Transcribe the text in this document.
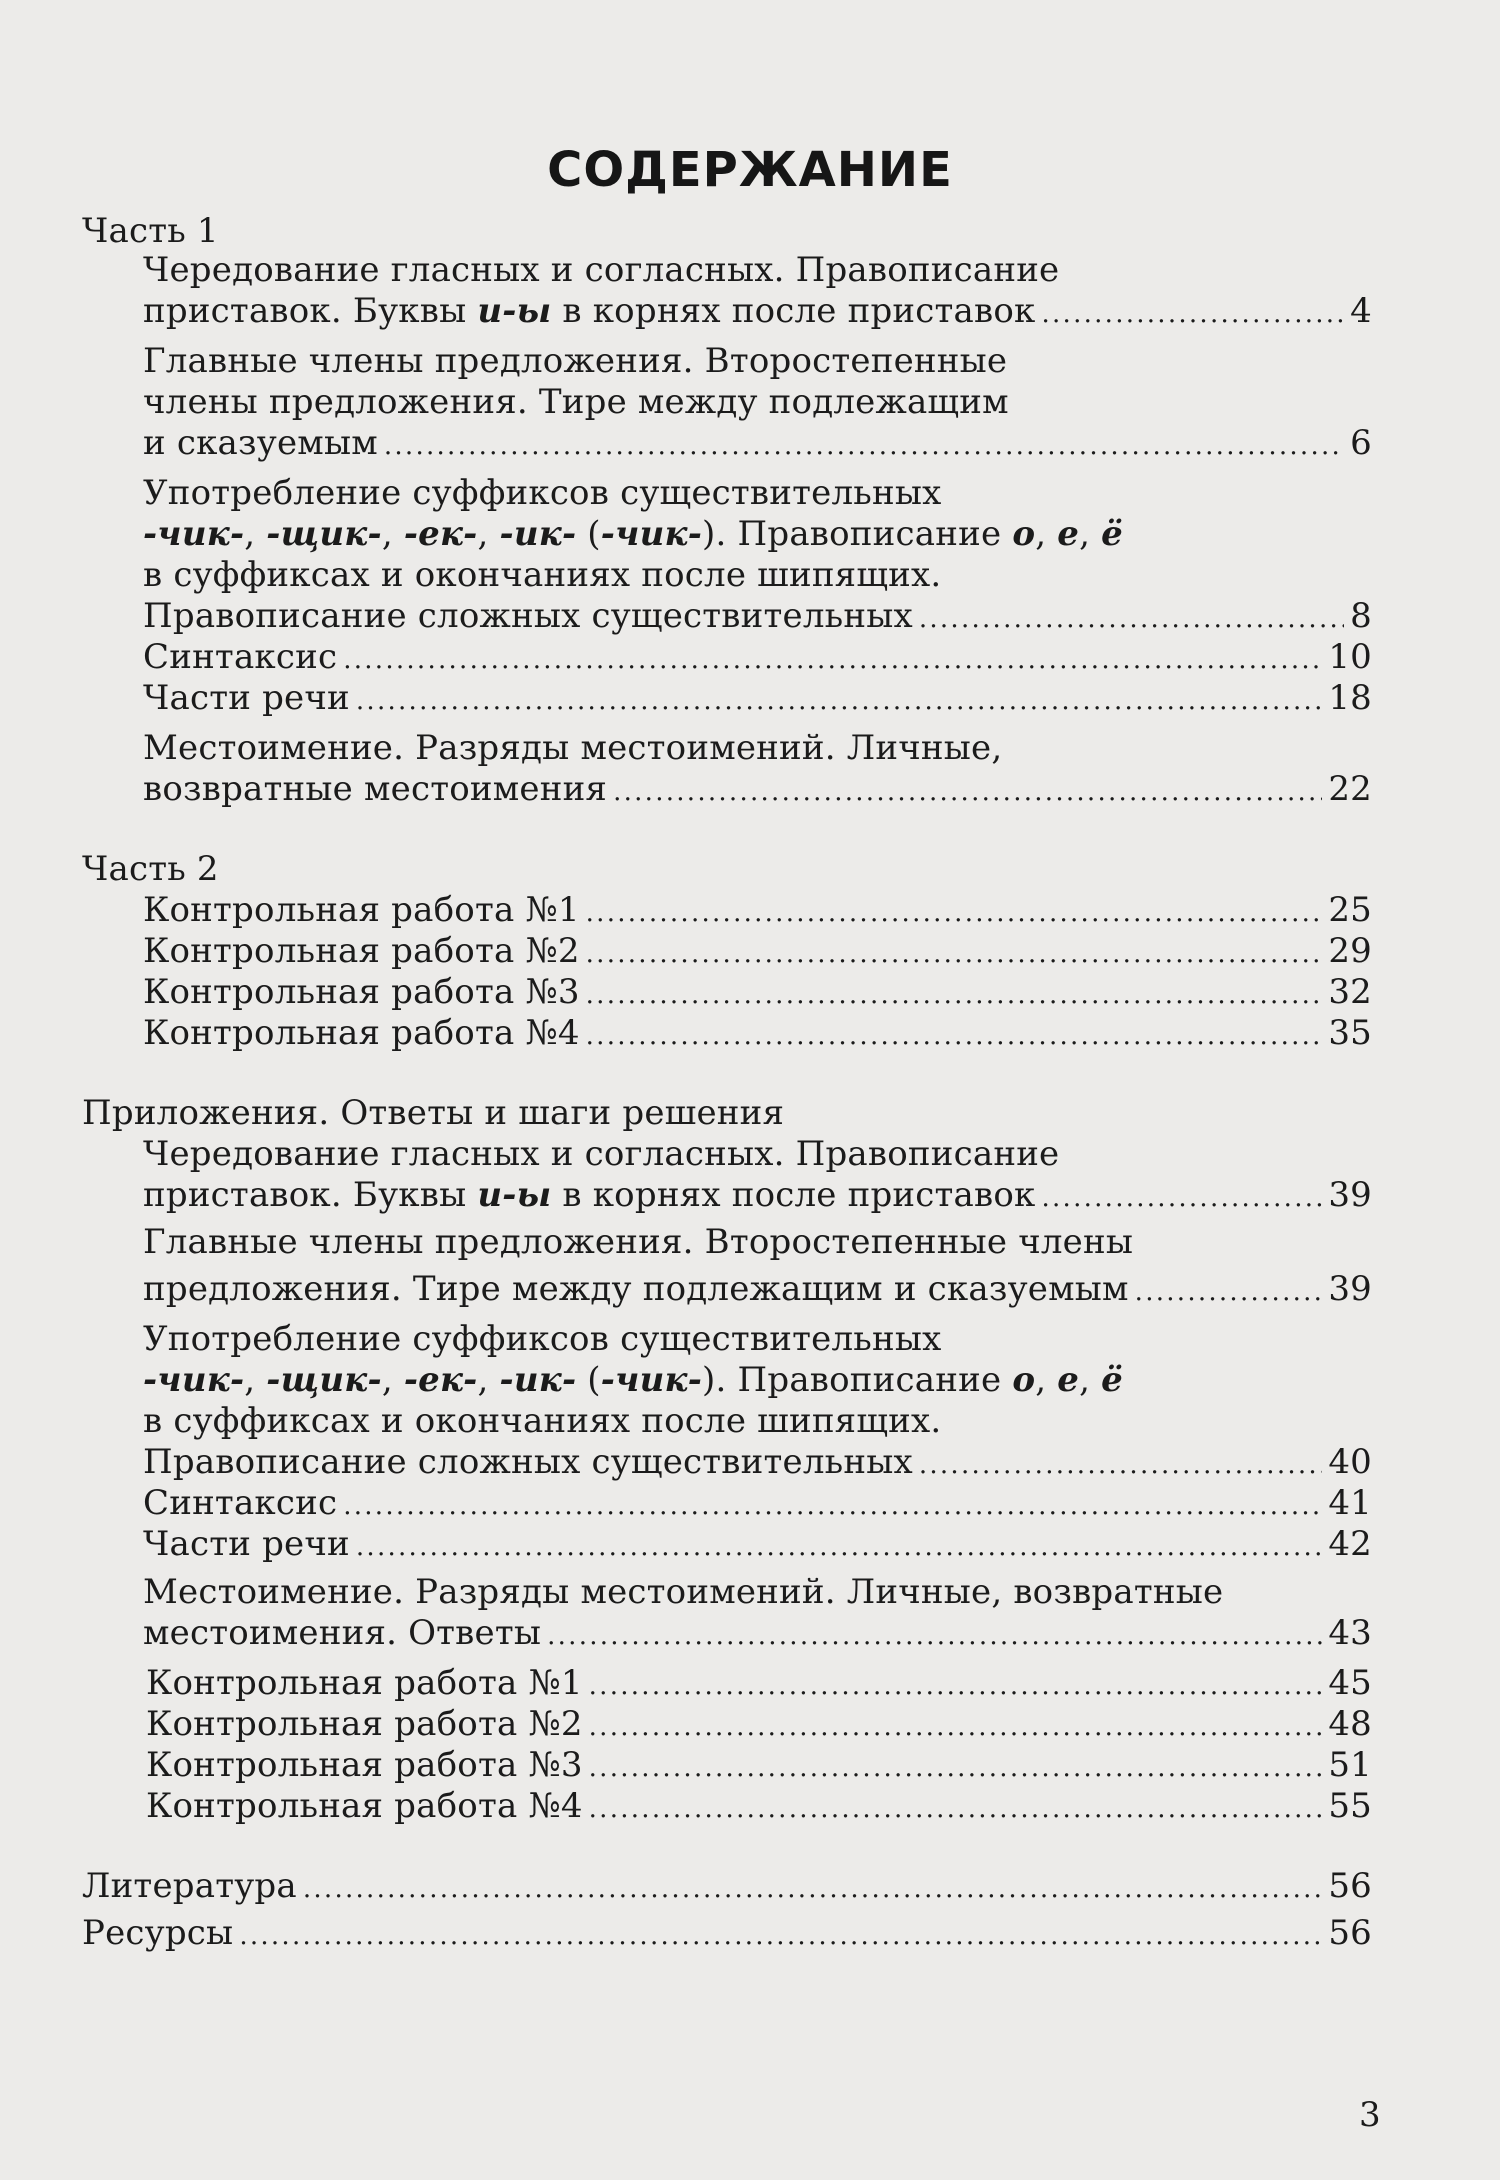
СОДЕРЖАНИЕ
Часть 1
Чередование гласных и согласных. Правописание
приставок. Буквы и-ы в корнях после приставок . . .	4
Главные члены предложения. Второстепенные
члены предложения. Тире между подлежащим
и сказуемым . . .	6
Употребление суффиксов существительных
-чик-, -щик-, -ек-, -ик- (-чик-). Правописание о, е, ё
в суффиксах и окончаниях после шипящих.
Правописание сложных существительных . . .	8
Синтаксис . . .	10
Части речи . . .	18
Местоимение. Разряды местоимений. Личные,
возвратные местоимения . . .	22
Часть 2
Контрольная работа №1 . . .	25
Контрольная работа №2 . . .	29
Контрольная работа №3 . . .	32
Контрольная работа №4 . . .	35
Приложения. Ответы и шаги решения
Чередование гласных и согласных. Правописание
приставок. Буквы и-ы в корнях после приставок . . .	39
Главные члены предложения. Второстепенные члены
предложения. Тире между подлежащим и сказуемым . . .	39
Употребление суффиксов существительных
-чик-, -щик-, -ек-, -ик- (-чик-). Правописание о, е, ё
в суффиксах и окончаниях после шипящих.
Правописание сложных существительных . . .	40
Синтаксис . . .	41
Части речи . . .	42
Местоимение. Разряды местоимений. Личные, возвратные
местоимения. Ответы . . .	43
Контрольная работа №1 . . .	45
Контрольная работа №2 . . .	48
Контрольная работа №3 . . .	51
Контрольная работа №4 . . .	55
Литература . . .	56
Ресурсы . . .	56
3
